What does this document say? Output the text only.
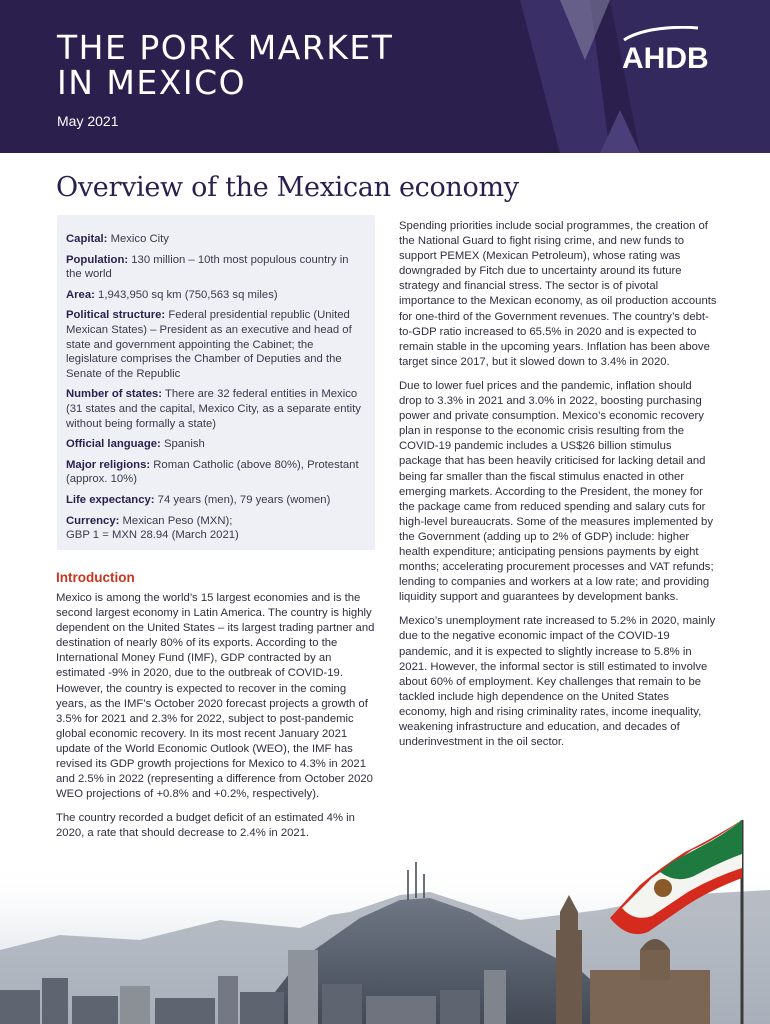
THE PORK MARKET
IN MEXICO
May 2021
AHDB
Overview of the Mexican economy

Capital: Mexico City

Population: 130 million – 10th most populous country in the world

Area: 1,943,950 sq km (750,563 sq miles)

Political structure: Federal presidential republic (United Mexican States) – President as an executive and head of state and government appointing the Cabinet; the legislature comprises the Chamber of Deputies and the Senate of the Republic

Number of states: There are 32 federal entities in Mexico (31 states and the capital, Mexico City, as a separate entity without being formally a state)

Official language: Spanish

Major religions: Roman Catholic (above 80%), Protestant (approx. 10%)

Life expectancy: 74 years (men), 79 years (women)

Currency: Mexican Peso (MXN);
GBP 1 = MXN 28.94 (March 2021)

Introduction

Mexico is among the world’s 15 largest economies and is the second largest economy in Latin America. The country is highly dependent on the United States – its largest trading partner and destination of nearly 80% of its exports. According to the International Money Fund (IMF), GDP contracted by an estimated -9% in 2020, due to the outbreak of COVID-19. However, the country is expected to recover in the coming years, as the IMF’s October 2020 forecast projects a growth of 3.5% for 2021 and 2.3% for 2022, subject to post-pandemic global economic recovery. In its most recent January 2021 update of the World Economic Outlook (WEO), the IMF has revised its GDP growth projections for Mexico to 4.3% in 2021 and 2.5% in 2022 (representing a difference from October 2020 WEO projections of +0.8% and +0.2%, respectively).

The country recorded a budget deficit of an estimated 4% in 2020, a rate that should decrease to 2.4% in 2021.

Spending priorities include social programmes, the creation of the National Guard to fight rising crime, and new funds to support PEMEX (Mexican Petroleum), whose rating was downgraded by Fitch due to uncertainty around its future strategy and financial stress. The sector is of pivotal importance to the Mexican economy, as oil production accounts for one-third of the Government revenues. The country’s debt-to-GDP ratio increased to 65.5% in 2020 and is expected to remain stable in the upcoming years. Inflation has been above target since 2017, but it slowed down to 3.4% in 2020.

Due to lower fuel prices and the pandemic, inflation should drop to 3.3% in 2021 and 3.0% in 2022, boosting purchasing power and private consumption. Mexico’s economic recovery plan in response to the economic crisis resulting from the COVID-19 pandemic includes a US$26 billion stimulus package that has been heavily criticised for lacking detail and being far smaller than the fiscal stimulus enacted in other emerging markets. According to the President, the money for the package came from reduced spending and salary cuts for high-level bureaucrats. Some of the measures implemented by the Government (adding up to 2% of GDP) include: higher health expenditure; anticipating pensions payments by eight months; accelerating procurement processes and VAT refunds; lending to companies and workers at a low rate; and providing liquidity support and guarantees by development banks.

Mexico’s unemployment rate increased to 5.2% in 2020, mainly due to the negative economic impact of the COVID-19 pandemic, and it is expected to slightly increase to 5.8% in 2021. However, the informal sector is still estimated to involve about 60% of employment. Key challenges that remain to be tackled include high dependence on the United States economy, high and rising criminality rates, income inequality, weakening infrastructure and education, and decades of underinvestment in the oil sector.
